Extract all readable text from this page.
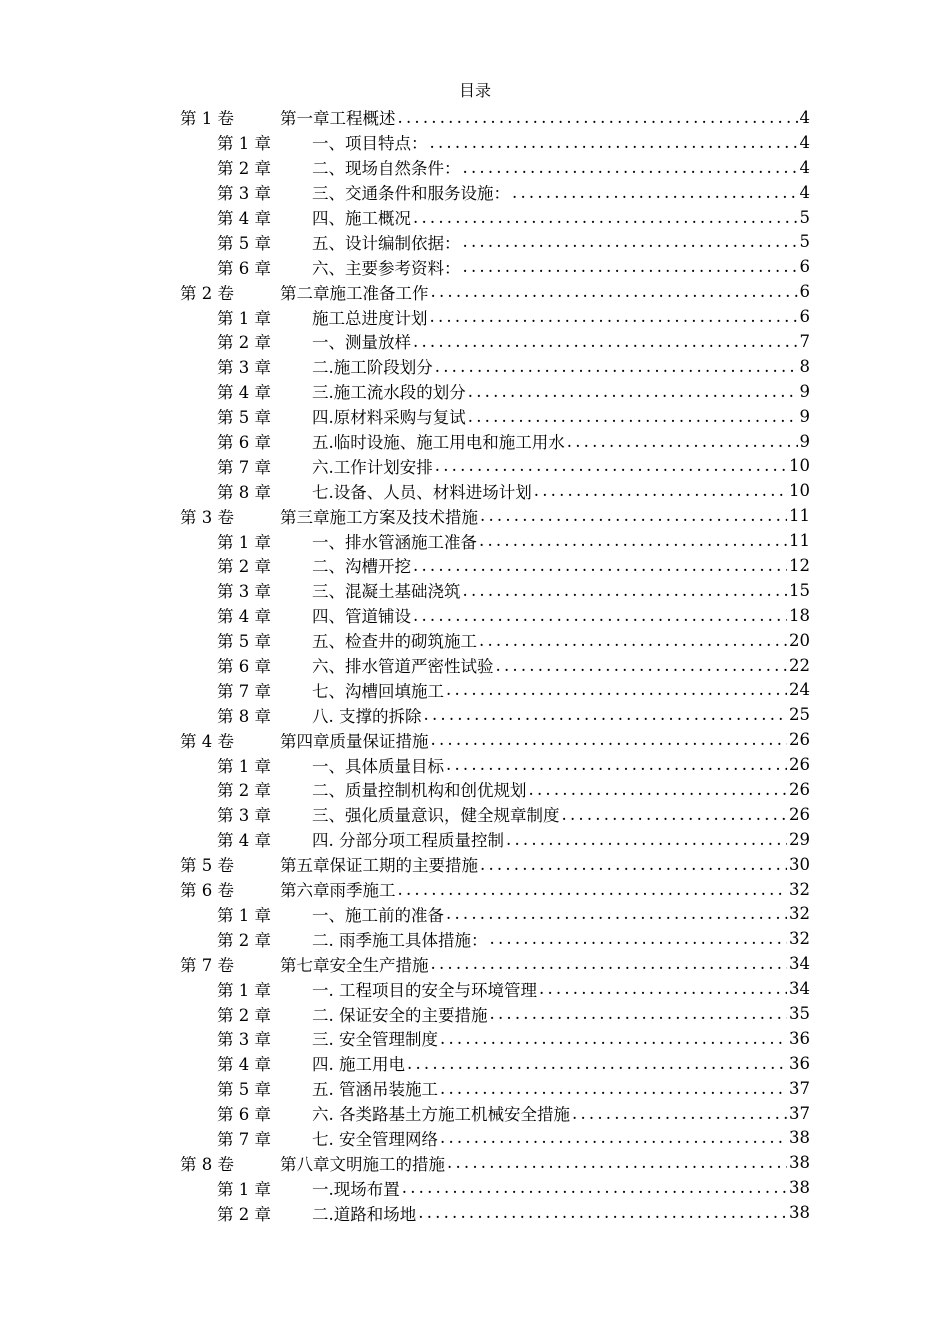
目录
第 1 卷	第一章工程概述 .....	4
第 1 章	一、项目特点： .....	4
第 2 章	二、现场自然条件： .....	4
第 3 章	三、交通条件和服务设施： .....	4
第 4 章	四、施工概况 .....	5
第 5 章	五、设计编制依据： .....	5
第 6 章	六、主要参考资料： .....	6
第 2 卷	第二章施工准备工作 .....	6
第 1 章	施工总进度计划 .....	6
第 2 章	一、测量放样 .....	7
第 3 章	二.施工阶段划分 .....	8
第 4 章	三.施工流水段的划分 .....	9
第 5 章	四.原材料采购与复试 .....	9
第 6 章	五.临时设施、施工用电和施工用水 .....	9
第 7 章	六.工作计划安排 .....	10
第 8 章	七.设备、人员、材料进场计划 .....	10
第 3 卷	第三章施工方案及技术措施 .....	11
第 1 章	一、排水管涵施工准备 .....	11
第 2 章	二、沟槽开挖 .....	12
第 3 章	三、混凝土基础浇筑 .....	15
第 4 章	四、管道铺设 .....	18
第 5 章	五、检查井的砌筑施工 .....	20
第 6 章	六、排水管道严密性试验 .....	22
第 7 章	七、沟槽回填施工 .....	24
第 8 章	八. 支撑的拆除 .....	25
第 4 卷	第四章质量保证措施 .....	26
第 1 章	一、具体质量目标 .....	26
第 2 章	二、质量控制机构和创优规划 .....	26
第 3 章	三、强化质量意识，健全规章制度 .....	26
第 4 章	四. 分部分项工程质量控制 .....	29
第 5 卷	第五章保证工期的主要措施 .....	30
第 6 卷	第六章雨季施工 .....	32
第 1 章	一、施工前的准备 .....	32
第 2 章	二. 雨季施工具体措施： .....	32
第 7 卷	第七章安全生产措施 .....	34
第 1 章	一. 工程项目的安全与环境管理 .....	34
第 2 章	二. 保证安全的主要措施 .....	35
第 3 章	三. 安全管理制度 .....	36
第 4 章	四. 施工用电 .....	36
第 5 章	五. 管涵吊装施工 .....	37
第 6 章	六. 各类路基土方施工机械安全措施 .....	37
第 7 章	七. 安全管理网络 .....	38
第 8 卷	第八章文明施工的措施 .....	38
第 1 章	一.现场布置 .....	38
第 2 章	二.道路和场地 .....	38
